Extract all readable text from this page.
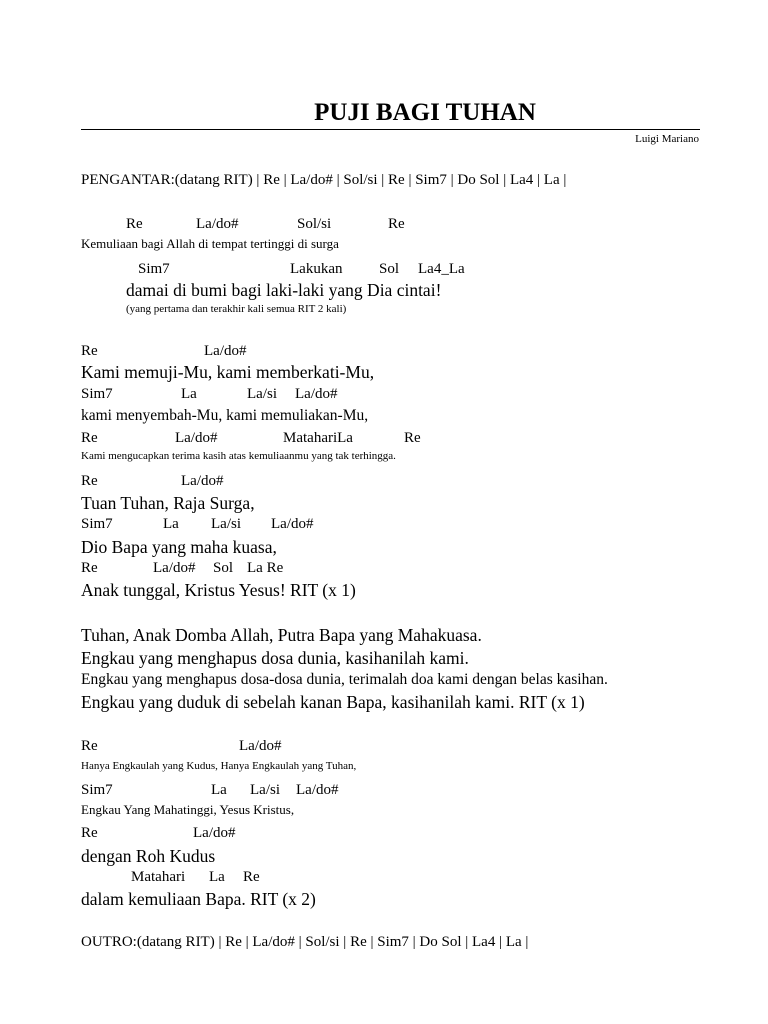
PUJI BAGI TUHAN
Luigi Mariano
PENGANTAR:(datang RIT) | Re | La/do# | Sol/si | Re | Sim7 | Do Sol | La4 | La |
Re	La/do#	Sol/si	Re
Kemuliaan bagi Allah di tempat tertinggi di surga
Sim7	Lakukan Sol La4_La
damai di bumi bagi laki-laki yang Dia cintai!
(yang pertama dan terakhir kali semua RIT 2 kali)
Re	La/do#
Kami memuji-Mu, kami memberkati-Mu,
Sim7	La	La/si La/do#
kami menyembah-Mu, kami memuliakan-Mu,
Re	La/do#	MatahariLa	Re
Kami mengucapkan terima kasih atas kemuliaanmu yang tak terhingga.
Re	La/do#
Tuan Tuhan, Raja Surga,
Sim7	La La/si La/do#
Dio Bapa yang maha kuasa,
Re	La/do# Sol La Re
Anak tunggal, Kristus Yesus! RIT (x 1)
Tuhan, Anak Domba Allah, Putra Bapa yang Mahakuasa.
Engkau yang menghapus dosa dunia, kasihanilah kami.
Engkau yang menghapus dosa-dosa dunia, terimalah doa kami dengan belas kasihan.
Engkau yang duduk di sebelah kanan Bapa, kasihanilah kami. RIT (x 1)
Re	La/do#
Hanya Engkaulah yang Kudus, Hanya Engkaulah yang Tuhan,
Sim7	La La/si La/do#
Engkau Yang Mahatinggi, Yesus Kristus,
Re	La/do#
dengan Roh Kudus
Matahari La Re
dalam kemuliaan Bapa. RIT (x 2)
OUTRO:(datang RIT) | Re | La/do# | Sol/si | Re | Sim7 | Do Sol | La4 | La |
